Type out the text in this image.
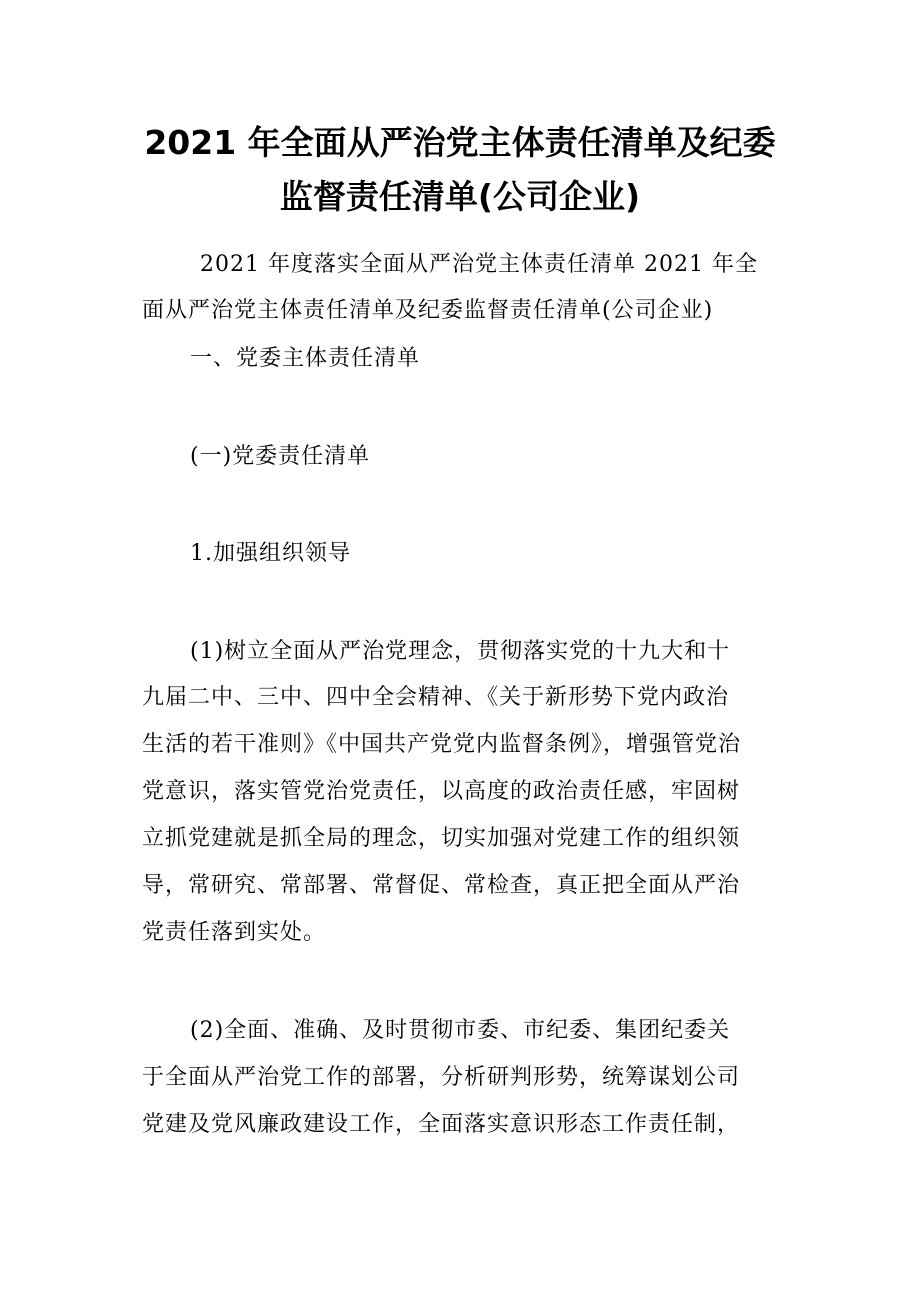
2021 年全面从严治党主体责任清单及纪委
监督责任清单(公司企业)
2021 年度落实全面从严治党主体责任清单 2021 年全
面从严治党主体责任清单及纪委监督责任清单(公司企业)
一、党委主体责任清单
(一)党委责任清单
1.加强组织领导
(1)树立全面从严治党理念，贯彻落实党的十九大和十
九届二中、三中、四中全会精神、《关于新形势下党内政治
生活的若干准则》《中国共产党党内监督条例》，增强管党治
党意识，落实管党治党责任，以高度的政治责任感，牢固树
立抓党建就是抓全局的理念，切实加强对党建工作的组织领
导，常研究、常部署、常督促、常检查，真正把全面从严治
党责任落到实处。
(2)全面、准确、及时贯彻市委、市纪委、集团纪委关
于全面从严治党工作的部署，分析研判形势，统筹谋划公司
党建及党风廉政建设工作，全面落实意识形态工作责任制，
